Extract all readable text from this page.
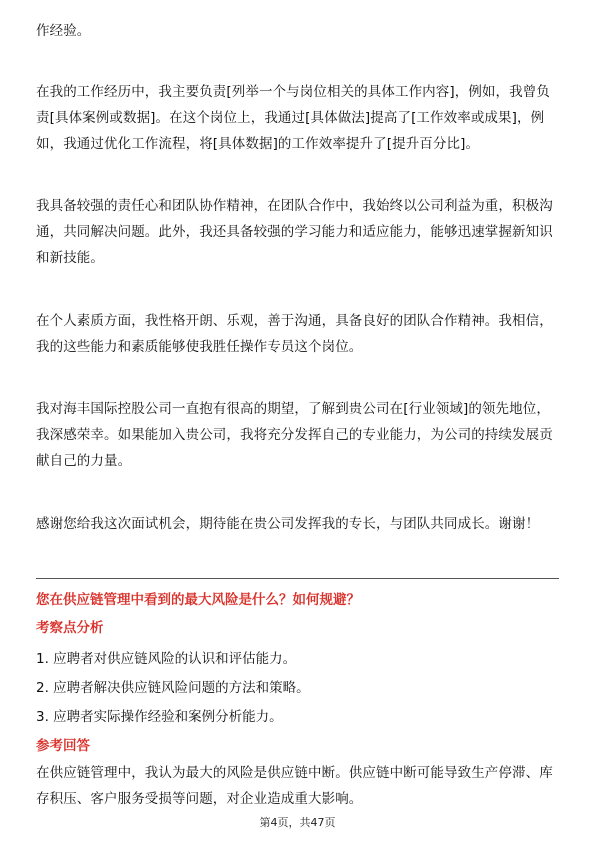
作经验。

在我的工作经历中，我主要负责[列举一个与岗位相关的具体工作内容]，例如，我曾负责[具体案例或数据]。在这个岗位上，我通过[具体做法]提高了[工作效率或成果]，例如，我通过优化工作流程，将[具体数据]的工作效率提升了[提升百分比]。

我具备较强的责任心和团队协作精神，在团队合作中，我始终以公司利益为重，积极沟通，共同解决问题。此外，我还具备较强的学习能力和适应能力，能够迅速掌握新知识和新技能。

在个人素质方面，我性格开朗、乐观，善于沟通，具备良好的团队合作精神。我相信，我的这些能力和素质能够使我胜任操作专员这个岗位。

我对海丰国际控股公司一直抱有很高的期望，了解到贵公司在[行业领域]的领先地位，我深感荣幸。如果能加入贵公司，我将充分发挥自己的专业能力，为公司的持续发展贡献自己的力量。

感谢您给我这次面试机会，期待能在贵公司发挥我的专长，与团队共同成长。谢谢！

您在供应链管理中看到的最大风险是什么？如何规避？
考察点分析
1. 应聘者对供应链风险的认识和评估能力。
2. 应聘者解决供应链风险问题的方法和策略。
3. 应聘者实际操作经验和案例分析能力。
参考回答

在供应链管理中，我认为最大的风险是供应链中断。供应链中断可能导致生产停滞、库存积压、客户服务受损等问题，对企业造成重大影响。

第4页，共47页
